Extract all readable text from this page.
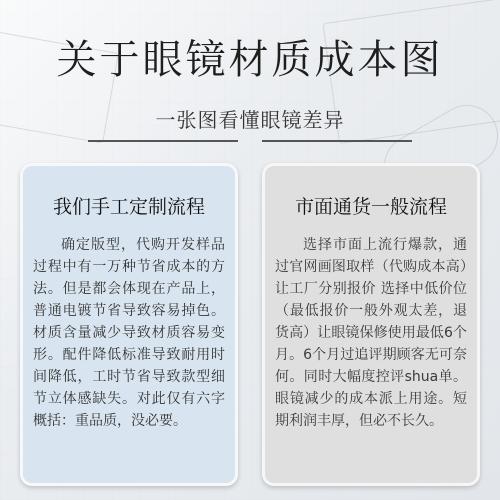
关于眼镜材质成本图
一张图看懂眼镜差异
我们手工定制流程
确定版型，代购开发样品过程中有一万种节省成本的方法。但是都会体现在产品上，普通电镀节省导致容易掉色。材质含量减少导致材质容易变形。配件降低标准导致耐用时间降低，工时节省导致款型细节立体感缺失。对此仅有六字概括：重品质，没必要。
市面通货一般流程
选择市面上流行爆款，通过官网画图取样（代购成本高）让工厂分别报价 选择中低价位（最低报价一般外观太差，退货高）让眼镜保修使用最低6个月。6个月过追评期顾客无可奈何。同时大幅度控评shua单。眼镜减少的成本派上用途。短期利润丰厚，但必不长久。
